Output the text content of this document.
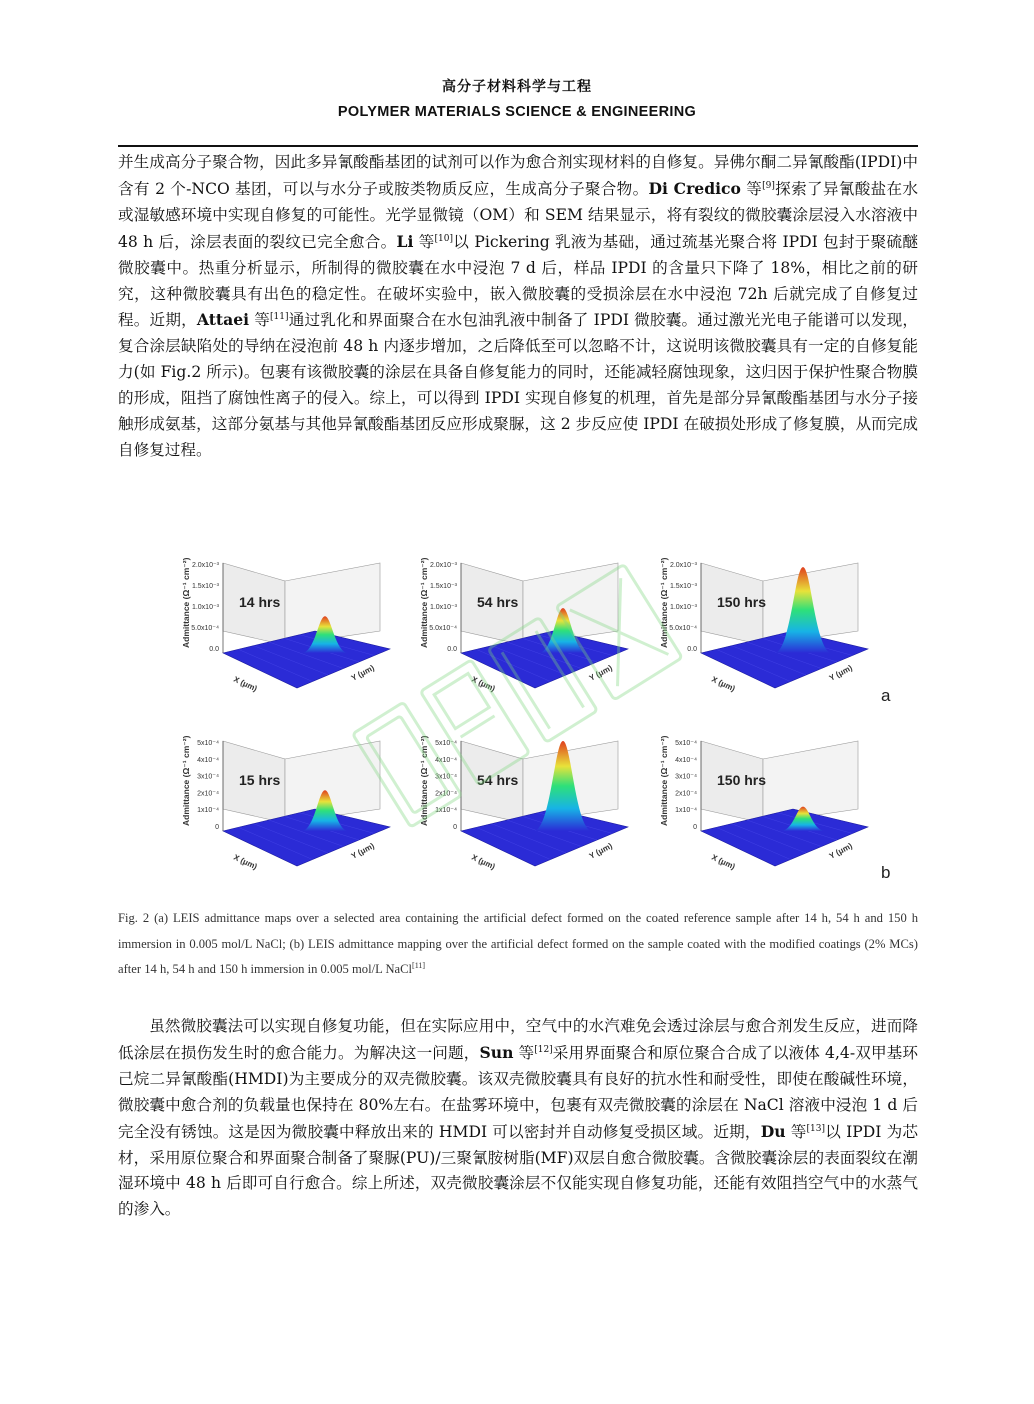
高分子材料科学与工程
POLYMER MATERIALS SCIENCE & ENGINEERING

并生成高分子聚合物，因此多异氰酸酯基团的试剂可以作为愈合剂实现材料的自修复。异佛尔酮二异氰酸酯(IPDI)中含有 2 个-NCO 基团，可以与水分子或胺类物质反应，生成高分子聚合物。Di Credico 等[9]探索了异氰酸盐在水或湿敏感环境中实现自修复的可能性。光学显微镜（OM）和 SEM 结果显示，将有裂纹的微胶囊涂层浸入水溶液中 48 h 后，涂层表面的裂纹已完全愈合。Li 等[10]以 Pickering 乳液为基础，通过巯基光聚合将 IPDI 包封于聚硫醚微胶囊中。热重分析显示，所制得的微胶囊在水中浸泡 7 d 后，样品 IPDI 的含量只下降了 18%，相比之前的研究，这种微胶囊具有出色的稳定性。在破坏实验中，嵌入微胶囊的受损涂层在水中浸泡 72h 后就完成了自修复过程。近期，Attaei 等[11]通过乳化和界面聚合在水包油乳液中制备了 IPDI 微胶囊。通过激光光电子能谱可以发现，复合涂层缺陷处的导纳在浸泡前 48 h 内逐步增加，之后降低至可以忽略不计，这说明该微胶囊具有一定的自修复能力(如 Fig.2 所示)。包裹有该微胶囊的涂层在具备自修复能力的同时，还能减轻腐蚀现象，这归因于保护性聚合物膜的形成，阻挡了腐蚀性离子的侵入。综上，可以得到 IPDI 实现自修复的机理，首先是部分异氰酸酯基团与水分子接触形成氨基，这部分氨基与其他异氰酸酯基团反应形成聚脲，这 2 步反应使 IPDI 在破损处形成了修复膜，从而完成自修复过程。

2.0x10⁻³
1.5x10⁻³
1.0x10⁻³
5.0x10⁻⁴
0.0
Admittance (Ω⁻¹ cm⁻²)
X (μm)
Y (μm)
14 hrs
2.0x10⁻³
1.5x10⁻³
1.0x10⁻³
5.0x10⁻⁴
0.0
Admittance (Ω⁻¹ cm⁻²)
X (μm)
Y (μm)
54 hrs
2.0x10⁻³
1.5x10⁻³
1.0x10⁻³
5.0x10⁻⁴
0.0
Admittance (Ω⁻¹ cm⁻²)
X (μm)
Y (μm)
150 hrs
5x10⁻⁴
4x10⁻⁴
3x10⁻⁴
2x10⁻⁴
1x10⁻⁴
0
Admittance (Ω⁻¹ cm⁻²)
X (μm)
Y (μm)
15 hrs
5x10⁻⁴
4x10⁻⁴
3x10⁻⁴
2x10⁻⁴
1x10⁻⁴
0
Admittance (Ω⁻¹ cm⁻²)
X (μm)
Y (μm)
54 hrs
5x10⁻⁴
4x10⁻⁴
3x10⁻⁴
2x10⁻⁴
1x10⁻⁴
0
Admittance (Ω⁻¹ cm⁻²)
X (μm)
Y (μm)
150 hrs
a
b

Fig. 2 (a) LEIS admittance maps over a selected area containing the artificial defect formed on the coated reference sample after 14 h, 54 h and 150 h immersion in 0.005 mol/L NaCl; (b) LEIS admittance mapping over the artificial defect formed on the sample coated with the modified coatings (2% MCs) after 14 h, 54 h and 150 h immersion in 0.005 mol/L NaCl[11]

虽然微胶囊法可以实现自修复功能，但在实际应用中，空气中的水汽难免会透过涂层与愈合剂发生反应，进而降低涂层在损伤发生时的愈合能力。为解决这一问题，Sun 等[12]采用界面聚合和原位聚合合成了以液体 4,4-双甲基环己烷二异氰酸酯(HMDI)为主要成分的双壳微胶囊。该双壳微胶囊具有良好的抗水性和耐受性，即使在酸碱性环境，微胶囊中愈合剂的负载量也保持在 80%左右。在盐雾环境中，包裹有双壳微胶囊的涂层在 NaCl 溶液中浸泡 1 d 后完全没有锈蚀。这是因为微胶囊中释放出来的 HMDI 可以密封并自动修复受损区域。近期，Du 等[13]以 IPDI 为芯材，采用原位聚合和界面聚合制备了聚脲(PU)/三聚氰胺树脂(MF)双层自愈合微胶囊。含微胶囊涂层的表面裂纹在潮湿环境中 48 h 后即可自行愈合。综上所述，双壳微胶囊涂层不仅能实现自修复功能，还能有效阻挡空气中的水蒸气的渗入。
